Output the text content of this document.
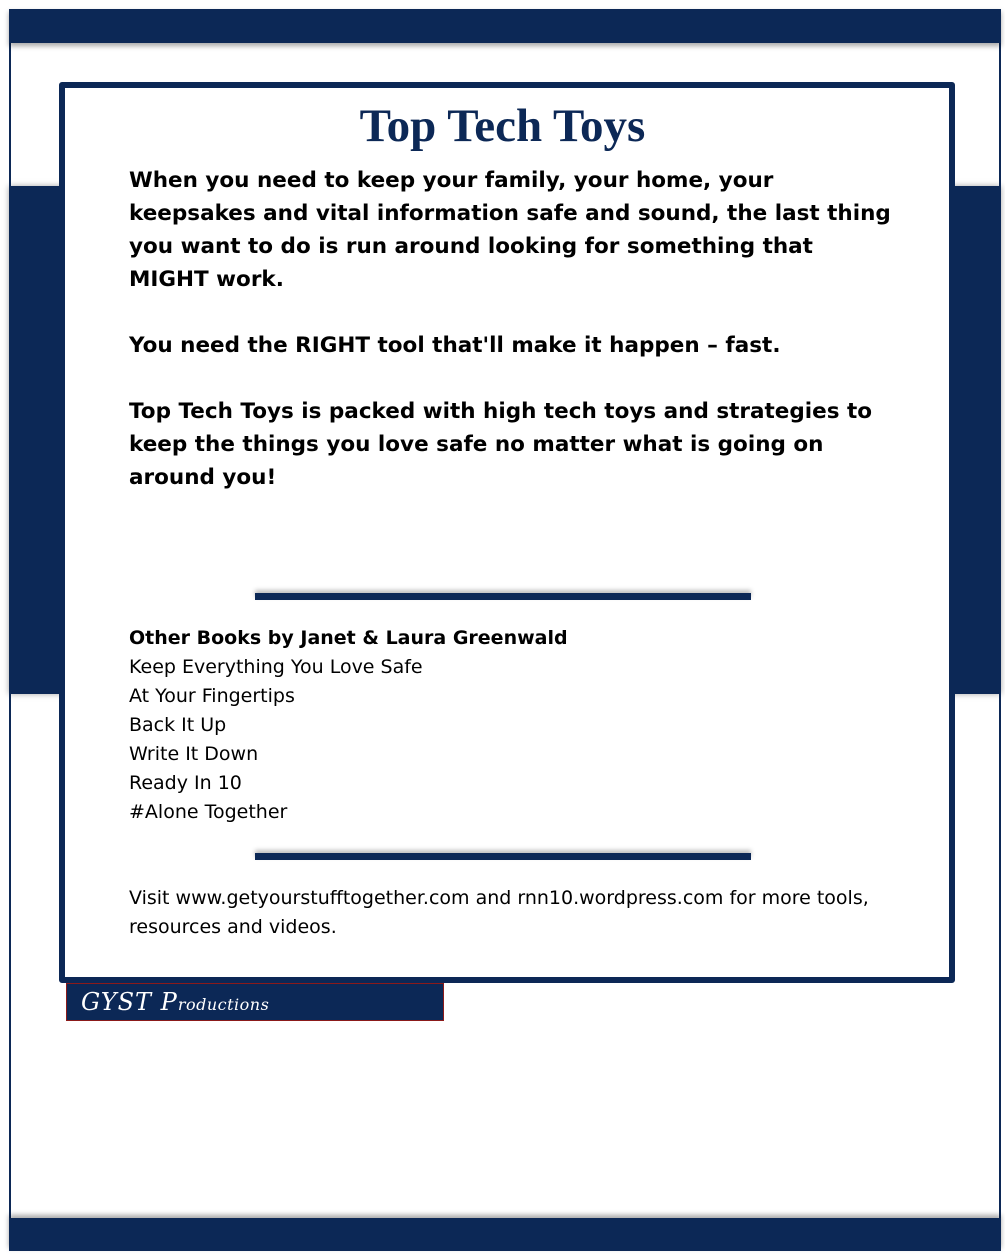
Top Tech Toys

When you need to keep your family, your home, your keepsakes and vital information safe and sound, the last thing you want to do is run around looking for something that MIGHT work.

You need the RIGHT tool that'll make it happen – fast.

Top Tech Toys is packed with high tech toys and strategies to keep the things you love safe no matter what is going on around you!

Other Books by Janet & Laura Greenwald
Keep Everything You Love Safe
At Your Fingertips
Back It Up
Write It Down
Ready In 10
#Alone Together
Visit www.getyourstufftogether.com and rnn10.wordpress.com for more tools, resources and videos.
GYST Productions
